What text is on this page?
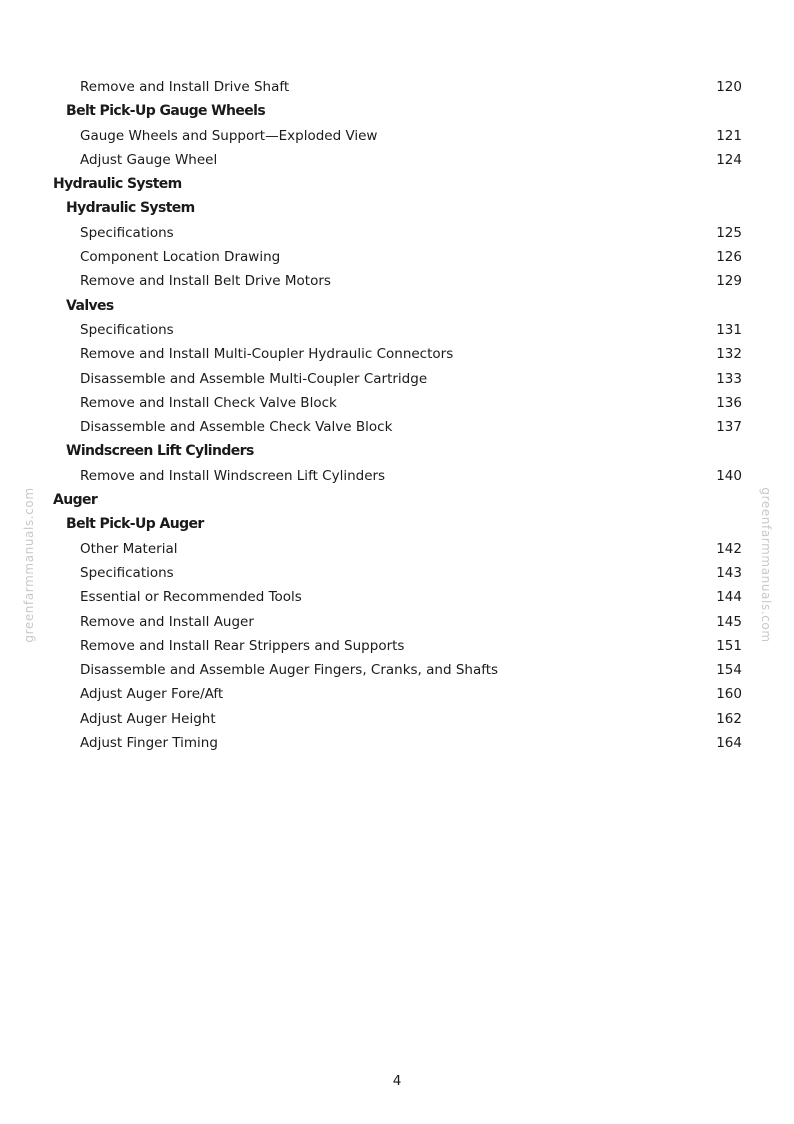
greenfarmmanuals.com	greenfarmmanuals.com
Remove and Install Drive Shaft	120
Belt Pick-Up Gauge Wheels
Gauge Wheels and Support—Exploded View	121
Adjust Gauge Wheel	124
Hydraulic System
Hydraulic System
Specifications	125
Component Location Drawing	126
Remove and Install Belt Drive Motors	129
Valves
Specifications	131
Remove and Install Multi-Coupler Hydraulic Connectors	132
Disassemble and Assemble Multi-Coupler Cartridge	133
Remove and Install Check Valve Block	136
Disassemble and Assemble Check Valve Block	137
Windscreen Lift Cylinders
Remove and Install Windscreen Lift Cylinders	140
Auger
Belt Pick-Up Auger
Other Material	142
Specifications	143
Essential or Recommended Tools	144
Remove and Install Auger	145
Remove and Install Rear Strippers and Supports	151
Disassemble and Assemble Auger Fingers, Cranks, and Shafts	154
Adjust Auger Fore/Aft	160
Adjust Auger Height	162
Adjust Finger Timing	164
4
